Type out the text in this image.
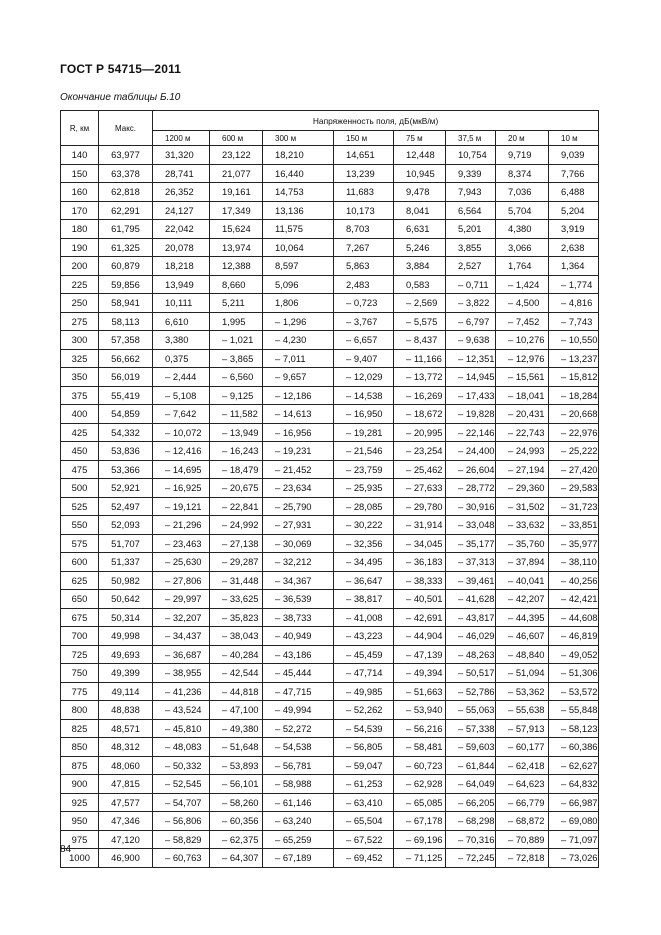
ГОСТ Р 54715—2011
Окончание таблицы Б.10
R, км	Макс.	Напряженность поля, дБ(мкВ/м)							
		1200 м	600 м	300 м	150 м	75 м	37,5 м	20 м	10 м
140	63,977	31,320	23,122	18,210	14,651	12,448	10,754	9,719	9,039
150	63,378	28,741	21,077	16,440	13,239	10,945	9,339	8,374	7,766
160	62,818	26,352	19,161	14,753	11,683	9,478	7,943	7,036	6,488
170	62,291	24,127	17,349	13,136	10,173	8,041	6,564	5,704	5,204
180	61,795	22,042	15,624	11,575	8,703	6,631	5,201	4,380	3,919
190	61,325	20,078	13,974	10,064	7,267	5,246	3,855	3,066	2,638
200	60,879	18,218	12,388	8,597	5,863	3,884	2,527	1,764	1,364
225	59,856	13,949	8,660	5,096	2,483	0,583	– 0,711	– 1,424	– 1,774
250	58,941	10,111	5,211	1,806	– 0,723	– 2,569	– 3,822	– 4,500	– 4,816
275	58,113	6,610	1,995	– 1,296	– 3,767	– 5,575	– 6,797	– 7,452	– 7,743
300	57,358	3,380	– 1,021	– 4,230	– 6,657	– 8,437	– 9,638	– 10,276	– 10,550
325	56,662	0,375	– 3,865	– 7,011	– 9,407	– 11,166	– 12,351	– 12,976	– 13,237
350	56,019	– 2,444	– 6,560	– 9,657	– 12,029	– 13,772	– 14,945	– 15,561	– 15,812
375	55,419	– 5,108	– 9,125	– 12,186	– 14,538	– 16,269	– 17,433	– 18,041	– 18,284
400	54,859	– 7,642	– 11,582	– 14,613	– 16,950	– 18,672	– 19,828	– 20,431	– 20,668
425	54,332	– 10,072	– 13,949	– 16,956	– 19,281	– 20,995	– 22,146	– 22,743	– 22,976
450	53,836	– 12,416	– 16,243	– 19,231	– 21,546	– 23,254	– 24,400	– 24,993	– 25,222
475	53,366	– 14,695	– 18,479	– 21,452	– 23,759	– 25,462	– 26,604	– 27,194	– 27,420
500	52,921	– 16,925	– 20,675	– 23,634	– 25,935	– 27,633	– 28,772	– 29,360	– 29,583
525	52,497	– 19,121	– 22,841	– 25,790	– 28,085	– 29,780	– 30,916	– 31,502	– 31,723
550	52,093	– 21,296	– 24,992	– 27,931	– 30,222	– 31,914	– 33,048	– 33,632	– 33,851
575	51,707	– 23,463	– 27,138	– 30,069	– 32,356	– 34,045	– 35,177	– 35,760	– 35,977
600	51,337	– 25,630	– 29,287	– 32,212	– 34,495	– 36,183	– 37,313	– 37,894	– 38,110
625	50,982	– 27,806	– 31,448	– 34,367	– 36,647	– 38,333	– 39,461	– 40,041	– 40,256
650	50,642	– 29,997	– 33,625	– 36,539	– 38,817	– 40,501	– 41,628	– 42,207	– 42,421
675	50,314	– 32,207	– 35,823	– 38,733	– 41,008	– 42,691	– 43,817	– 44,395	– 44,608
700	49,998	– 34,437	– 38,043	– 40,949	– 43,223	– 44,904	– 46,029	– 46,607	– 46,819
725	49,693	– 36,687	– 40,284	– 43,186	– 45,459	– 47,139	– 48,263	– 48,840	– 49,052
750	49,399	– 38,955	– 42,544	– 45,444	– 47,714	– 49,394	– 50,517	– 51,094	– 51,306
775	49,114	– 41,236	– 44,818	– 47,715	– 49,985	– 51,663	– 52,786	– 53,362	– 53,572
800	48,838	– 43,524	– 47,100	– 49,994	– 52,262	– 53,940	– 55,063	– 55,638	– 55,848
825	48,571	– 45,810	– 49,380	– 52,272	– 54,539	– 56,216	– 57,338	– 57,913	– 58,123
850	48,312	– 48,083	– 51,648	– 54,538	– 56,805	– 58,481	– 59,603	– 60,177	– 60,386
875	48,060	– 50,332	– 53,893	– 56,781	– 59,047	– 60,723	– 61,844	– 62,418	– 62,627
900	47,815	– 52,545	– 56,101	– 58,988	– 61,253	– 62,928	– 64,049	– 64,623	– 64,832
925	47,577	– 54,707	– 58,260	– 61,146	– 63,410	– 65,085	– 66,205	– 66,779	– 66,987
950	47,346	– 56,806	– 60,356	– 63,240	– 65,504	– 67,178	– 68,298	– 68,872	– 69,080
975	47,120	– 58,829	– 62,375	– 65,259	– 67,522	– 69,196	– 70,316	– 70,889	– 71,097
1000	46,900	– 60,763	– 64,307	– 67,189	– 69,452	– 71,125	– 72,245	– 72,818	– 73,026
84
